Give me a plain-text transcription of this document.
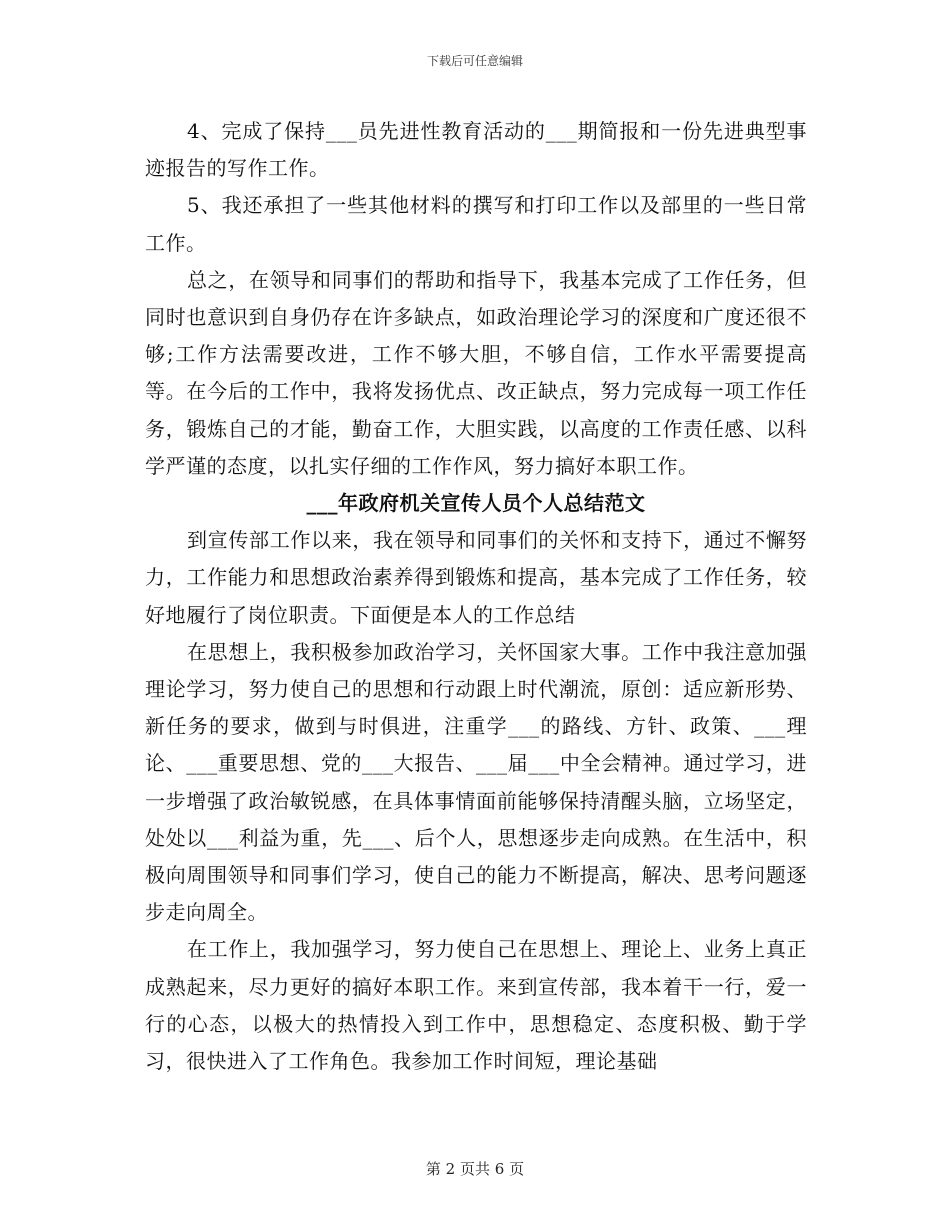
下载后可任意编辑

4、完成了保持___员先进性教育活动的___期简报和一份先进典型事迹报告的写作工作。

5、我还承担了一些其他材料的撰写和打印工作以及部里的一些日常工作。

总之，在领导和同事们的帮助和指导下，我基本完成了工作任务，但同时也意识到自身仍存在许多缺点，如政治理论学习的深度和广度还很不够;工作方法需要改进，工作不够大胆，不够自信，工作水平需要提高等。在今后的工作中，我将发扬优点、改正缺点，努力完成每一项工作任务，锻炼自己的才能，勤奋工作，大胆实践，以高度的工作责任感、以科学严谨的态度，以扎实仔细的工作作风，努力搞好本职工作。

___年政府机关宣传人员个人总结范文

到宣传部工作以来，我在领导和同事们的关怀和支持下，通过不懈努力，工作能力和思想政治素养得到锻炼和提高，基本完成了工作任务，较好地履行了岗位职责。下面便是本人的工作总结

在思想上，我积极参加政治学习，关怀国家大事。工作中我注意加强理论学习，努力使自己的思想和行动跟上时代潮流，原创：适应新形势、新任务的要求，做到与时俱进，注重学___的路线、方针、政策、___理论、___重要思想、党的___大报告、___届___中全会精神。通过学习，进一步增强了政治敏锐感，在具体事情面前能够保持清醒头脑，立场坚定，处处以___利益为重，先___、后个人，思想逐步走向成熟。在生活中，积极向周围领导和同事们学习，使自己的能力不断提高，解决、思考问题逐步走向周全。

在工作上，我加强学习，努力使自己在思想上、理论上、业务上真正成熟起来，尽力更好的搞好本职工作。来到宣传部，我本着干一行，爱一行的心态，以极大的热情投入到工作中，思想稳定、态度积极、勤于学习，很快进入了工作角色。我参加工作时间短，理论基础

第 2 页共 6 页
